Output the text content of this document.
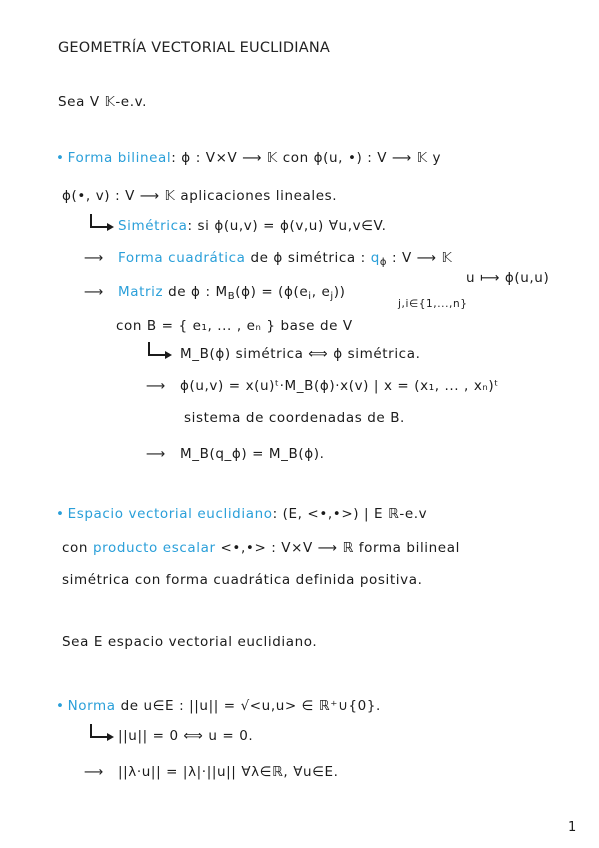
GEOMETRÍA VECTORIAL EUCLIDIANA
Sea V 𝕂-e.v.
• Forma bilineal: ϕ : V×V ⟶ 𝕂 con ϕ(u, •) : V ⟶ 𝕂 y
ϕ(•, v) : V ⟶ 𝕂 aplicaciones lineales.
Simétrica: si ϕ(u,v) = ϕ(v,u) ∀u,v∈V.
⟶ Forma cuadrática de ϕ simétrica : $q_\phi$ : V ⟶ 𝕂
u ⟼ ϕ(u,u)
⟶ Matriz de ϕ : $M_B(\phi) = (\phi(e_i$, $e_j$))
j,i∈{1,...,n}
con B = { e₁, ... , eₙ } base de V
M_B(ϕ) simétrica ⟺ ϕ simétrica.
⟶ ϕ(u,v) = x(u)ᵗ·M_B(ϕ)·x(v) | x = (x₁, ... , xₙ)ᵗ
sistema de coordenadas de B.
⟶ M_B(q_ϕ) = M_B(ϕ).
• Espacio vectorial euclidiano: (E, <•,•>) | E ℝ-e.v
con producto escalar <•,•> : V×V ⟶ ℝ forma bilineal
simétrica con forma cuadrática definida positiva.
Sea E espacio vectorial euclidiano.
• Norma de u∈E : ||u|| = √<u,u> ∈ ℝ⁺∪{0}.
||u|| = 0 ⟺ u = 0.
⟶ ||λ·u|| = |λ|·||u|| ∀λ∈ℝ, ∀u∈E.
1
